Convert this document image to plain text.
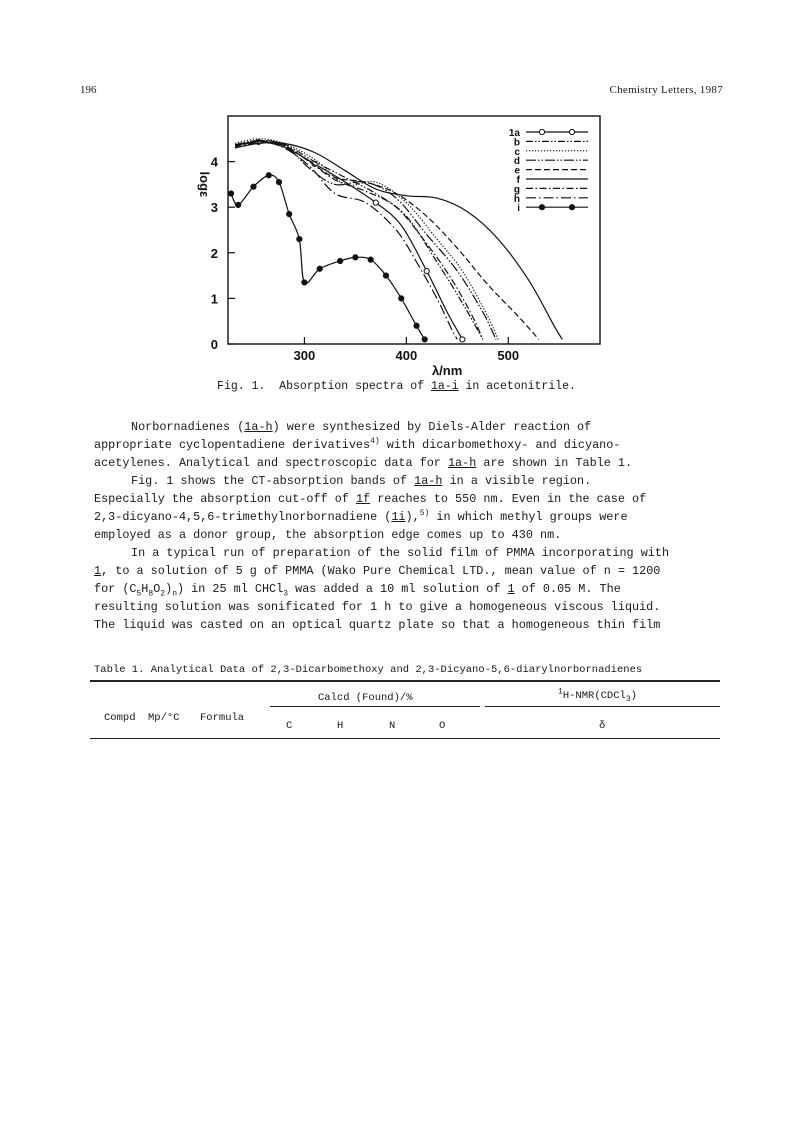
196	Chemistry Letters, 1987
1a
b
c
d
e
f
g
h
i
300	400	500
0
1
2
3
4
λ/nm
logε
Fig. 1. Absorption spectra of 1a-i in acetonitrile.
Norbornadienes (1a-h) were synthesized by Diels-Alder reaction of
appropriate cyclopentadiene derivatives$^{4)}$ with dicarbomethoxy- and dicyano-
acetylenes. Analytical and spectroscopic data for 1a-h are shown in Table 1.
Fig. 1 shows the CT-absorption bands of 1a-h in a visible region.
Especially the absorption cut-off of 1f reaches to 550 nm. Even in the case of
2,3-dicyano-4,5,6-trimethylnorbornadiene (1i),$^{5)}$ in which methyl groups were
employed as a donor group, the absorption edge comes up to 430 nm.
In a typical run of preparation of the solid film of PMMA incorporating with
1, to a solution of 5 g of PMMA (Wako Pure Chemical LTD., mean value of n = 1200
for $(C_5H_8O_2)_n$) in 25 ml CHCl$_3$ was added a 10 ml solution of 1 of 0.05 M. The
resulting solution was sonificated for 1 h to give a homogeneous viscous liquid.
The liquid was casted on an optical quartz plate so that a homogeneous thin film
Table 1. Analytical Data of 2,3-Dicarbomethoxy and 2,3-Dicyano-5,6-diarylnorbornadienes
Compd Mp/°C Formula
Calcd (Found)/%
C	H	N	O
$^1$H-NMR(CDCl$_3$)
δ
